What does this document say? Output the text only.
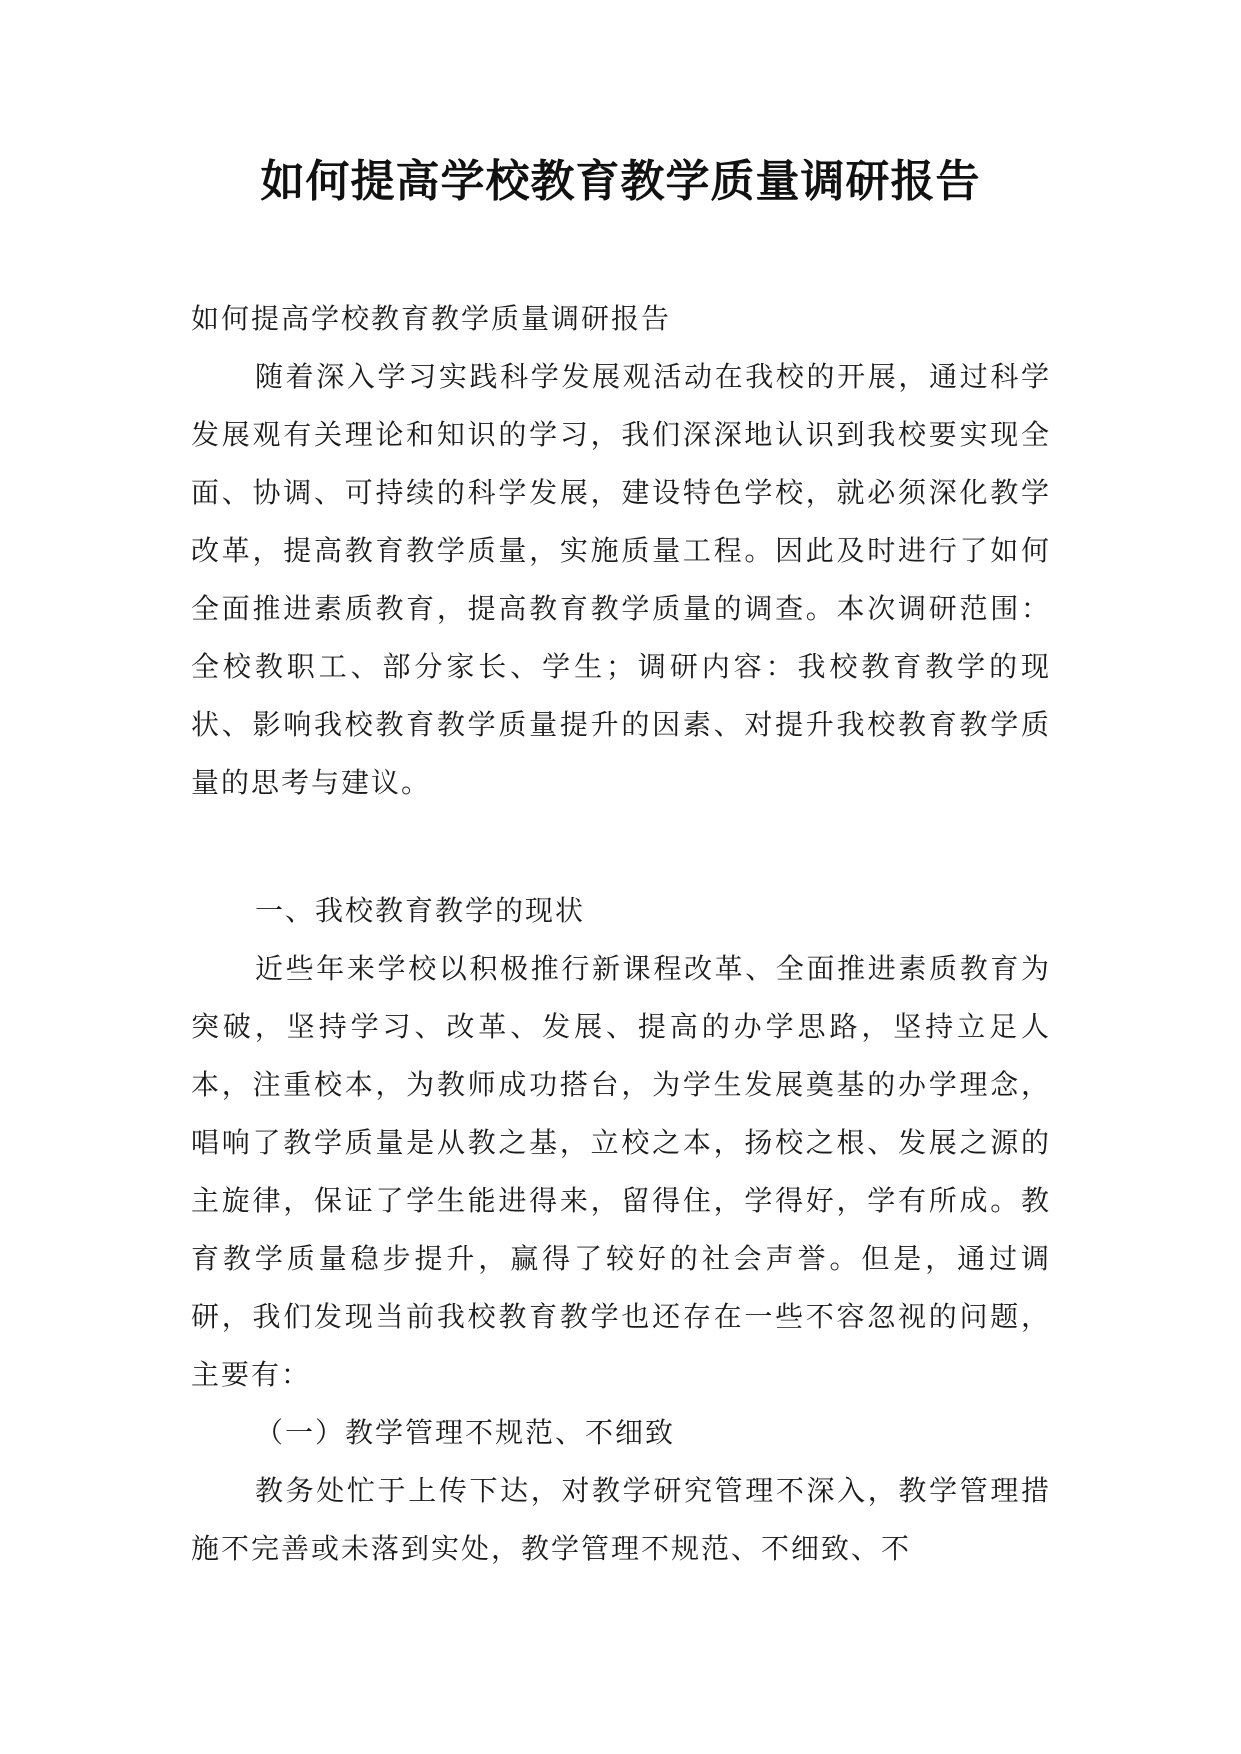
如何提高学校教育教学质量调研报告

如何提高学校教育教学质量调研报告

随着深入学习实践科学发展观活动在我校的开展，通过科学发展观有关理论和知识的学习，我们深深地认识到我校要实现全面、协调、可持续的科学发展，建设特色学校，就必须深化教学改革，提高教育教学质量，实施质量工程。因此及时进行了如何全面推进素质教育，提高教育教学质量的调查。本次调研范围：全校教职工、部分家长、学生；调研内容：我校教育教学的现状、影响我校教育教学质量提升的因素、对提升我校教育教学质量的思考与建议。

一、我校教育教学的现状

近些年来学校以积极推行新课程改革、全面推进素质教育为突破，坚持学习、改革、发展、提高的办学思路，坚持立足人本，注重校本，为教师成功搭台，为学生发展奠基的办学理念，唱响了教学质量是从教之基，立校之本，扬校之根、发展之源的主旋律，保证了学生能进得来，留得住，学得好，学有所成。教育教学质量稳步提升，赢得了较好的社会声誉。但是，通过调研，我们发现当前我校教育教学也还存在一些不容忽视的问题，主要有：

（一）教学管理不规范、不细致

教务处忙于上传下达，对教学研究管理不深入，教学管理措施不完善或未落到实处，教学管理不规范、不细致、不
